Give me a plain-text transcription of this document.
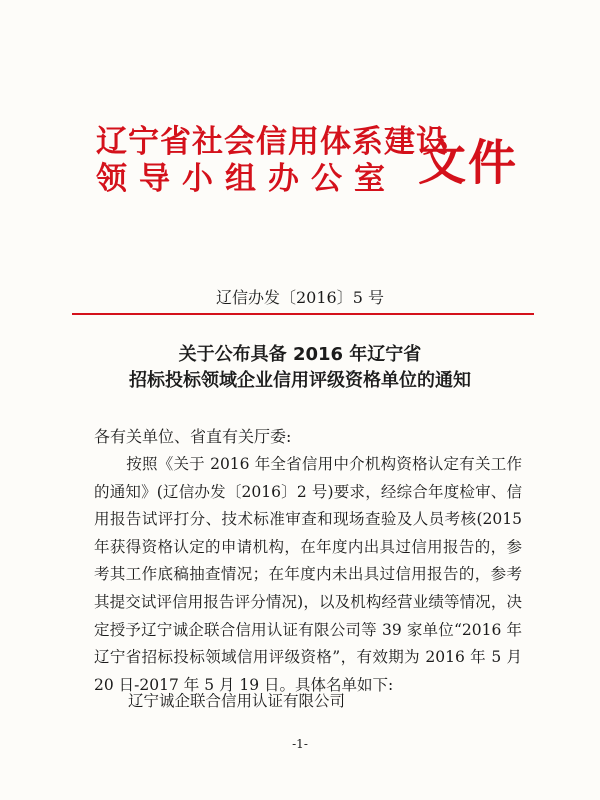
辽宁省社会信用体系建设
领导小组办公室 文件
辽信办发〔2016〕5 号
关于公布具备 2016 年辽宁省
招标投标领域企业信用评级资格单位的通知
各有关单位、省直有关厅委:
按照《关于 2016 年全省信用中介机构资格认定有关工作的通知》(辽信办发〔2016〕2 号)要求，经综合年度检审、信用报告试评打分、技术标准审查和现场查验及人员考核(2015 年获得资格认定的申请机构，在年度内出具过信用报告的，参考其工作底稿抽查情况；在年度内未出具过信用报告的，参考其提交试评信用报告评分情况)，以及机构经营业绩等情况，决定授予辽宁诚企联合信用认证有限公司等 39 家单位“2016 年辽宁省招标投标领域信用评级资格”，有效期为 2016 年 5 月 20 日-2017 年 5 月 19 日。具体名单如下:
辽宁诚企联合信用认证有限公司
-1-
